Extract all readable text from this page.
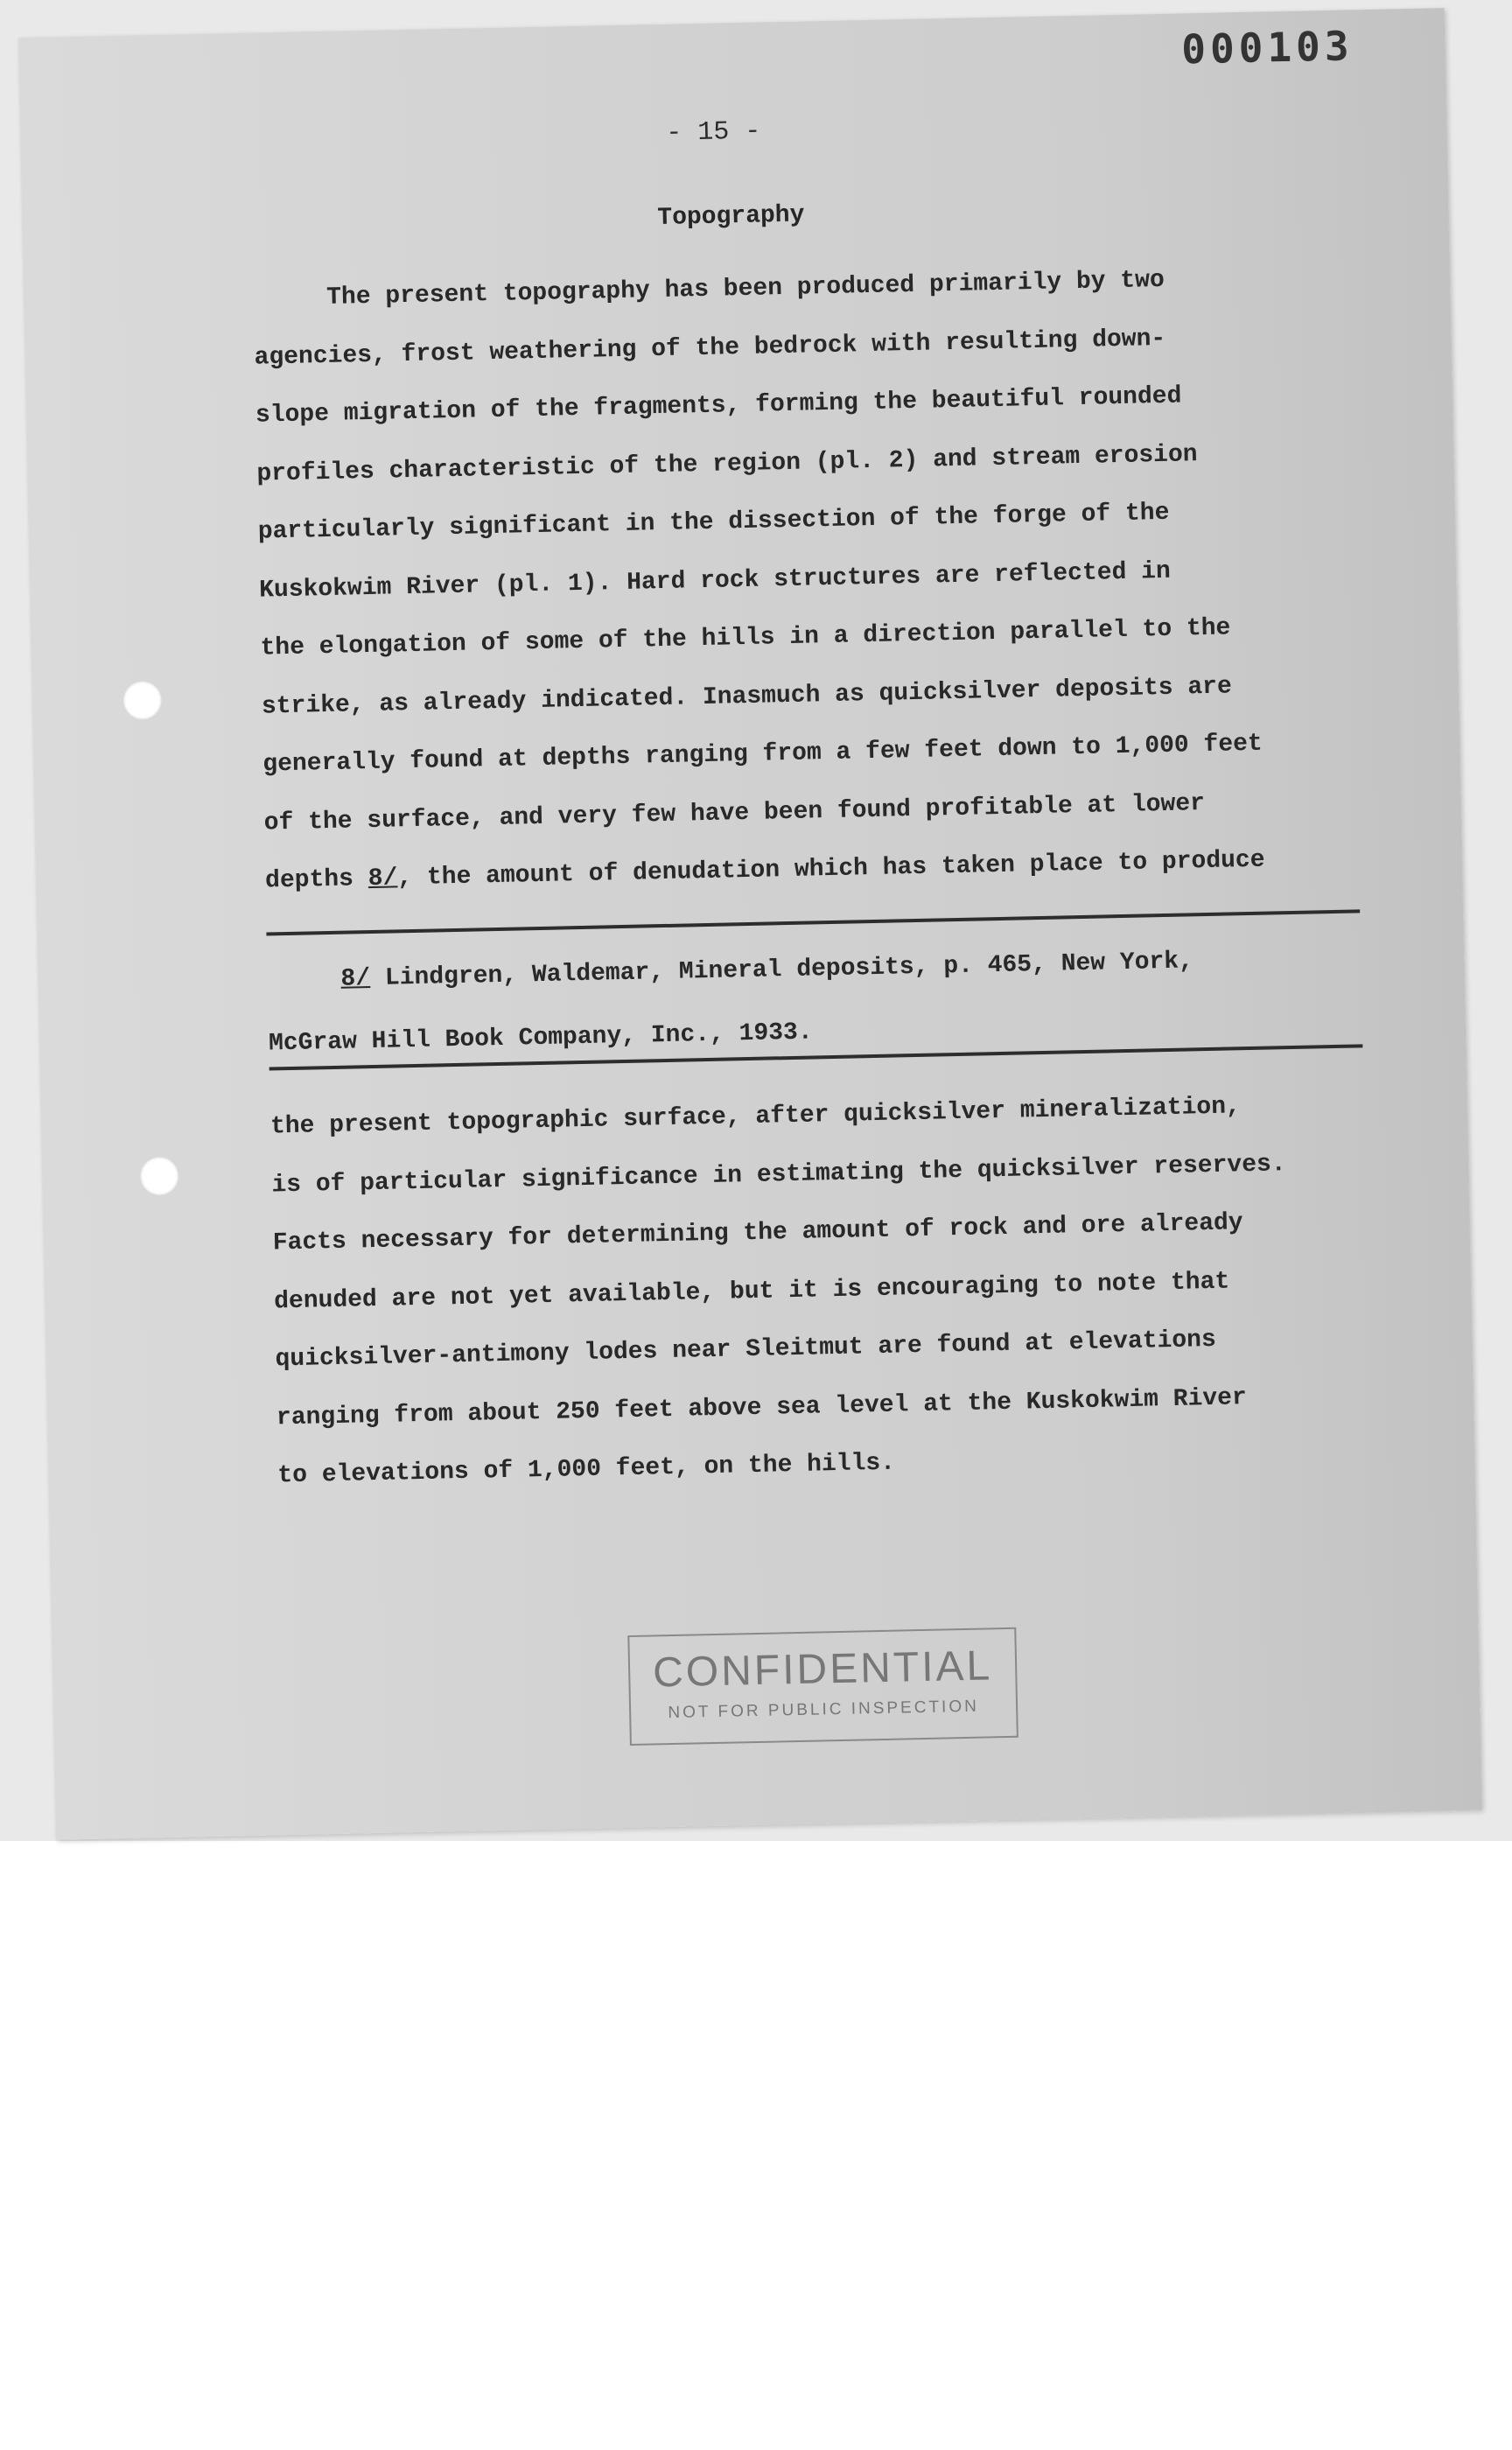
000103
- 15 -
Topography
The present topography has been produced primarily by two
agencies, frost weathering of the bedrock with resulting down-
slope migration of the fragments, forming the beautiful rounded
profiles characteristic of the region (pl. 2) and stream erosion
particularly significant in the dissection of the forge of the
Kuskokwim River (pl. 1). Hard rock structures are reflected in
the elongation of some of the hills in a direction parallel to the
strike, as already indicated. Inasmuch as quicksilver deposits are
generally found at depths ranging from a few feet down to 1,000 feet
of the surface, and very few have been found profitable at lower
depths 8/, the amount of denudation which has taken place to produce
8/ Lindgren, Waldemar, Mineral deposits, p. 465, New York,
McGraw Hill Book Company, Inc., 1933.
the present topographic surface, after quicksilver mineralization,
is of particular significance in estimating the quicksilver reserves.
Facts necessary for determining the amount of rock and ore already
denuded are not yet available, but it is encouraging to note that
quicksilver-antimony lodes near Sleitmut are found at elevations
ranging from about 250 feet above sea level at the Kuskokwim River
to elevations of 1,000 feet, on the hills.
CONFIDENTIAL
NOT FOR PUBLIC INSPECTION
